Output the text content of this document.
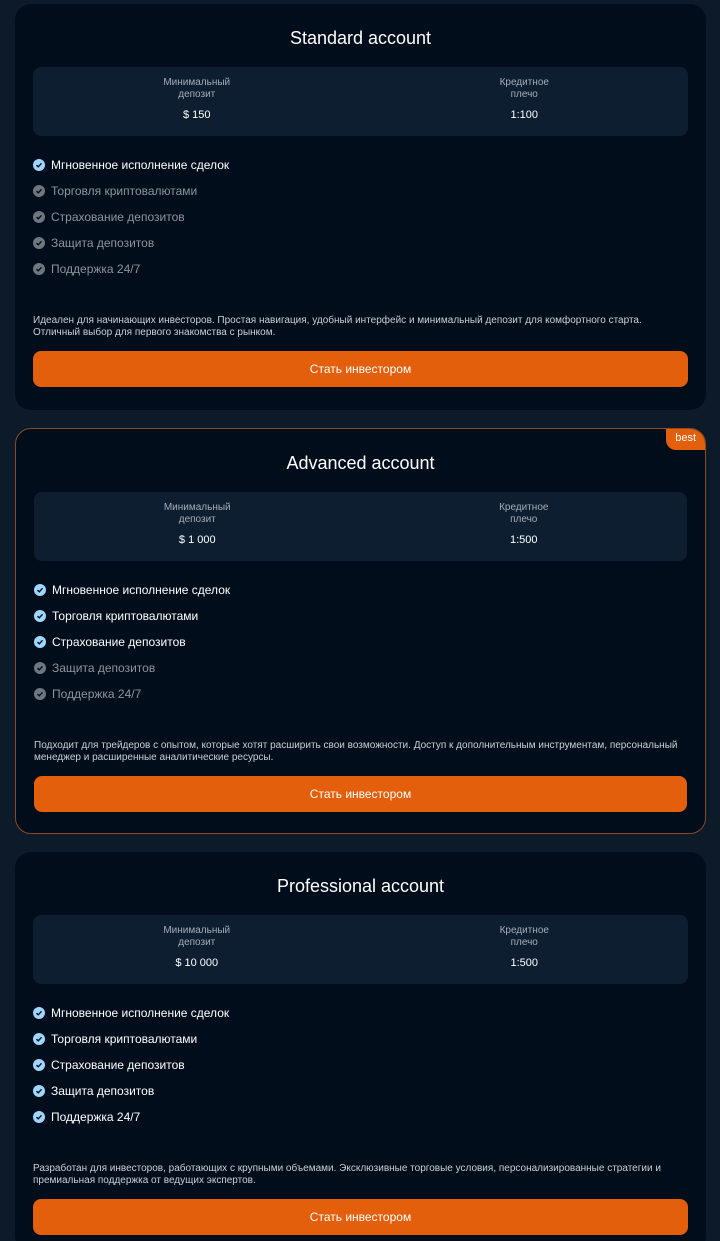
Standard account
Минимальный депозит
$ 150
Кредитное плечо
1:100
Мгновенное исполнение сделок
Торговля криптовалютами
Страхование депозитов
Защита депозитов
Поддержка 24/7

Идеален для начинающих инвесторов. Простая навигация, удобный интерфейс и минимальный депозит для комфортного старта. Отличный выбор для первого знакомства с рынком.

Стать инвестором
best
Advanced account
Минимальный депозит
$ 1 000
Кредитное плечо
1:500
Мгновенное исполнение сделок
Торговля криптовалютами
Страхование депозитов
Защита депозитов
Поддержка 24/7

Подходит для трейдеров с опытом, которые хотят расширить свои возможности. Доступ к дополнительным инструментам, персональный менеджер и расширенные аналитические ресурсы.

Стать инвестором
Professional account
Минимальный депозит
$ 10 000
Кредитное плечо
1:500
Мгновенное исполнение сделок
Торговля криптовалютами
Страхование депозитов
Защита депозитов
Поддержка 24/7

Разработан для инвесторов, работающих с крупными объемами. Эксклюзивные торговые условия, персонализированные стратегии и премиальная поддержка от ведущих экспертов.

Стать инвестором
